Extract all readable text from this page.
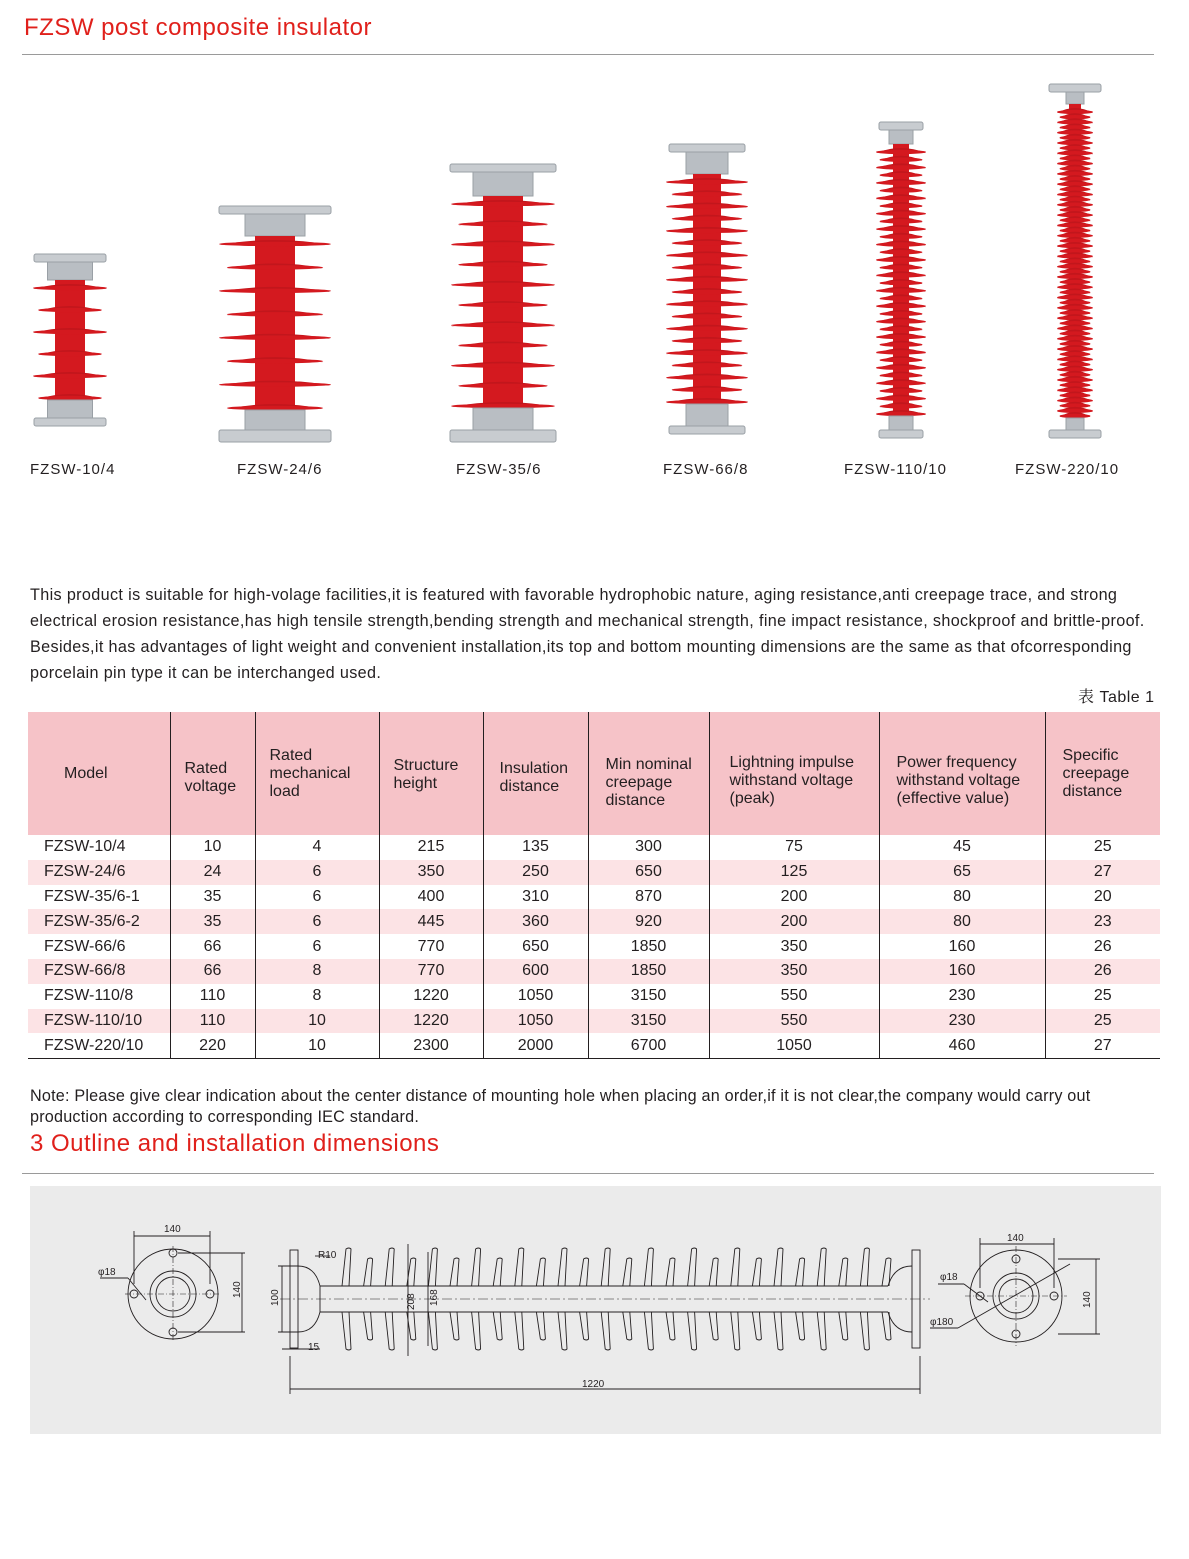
FZSW post composite insulator
FZSW-10/4	FZSW-24/6	FZSW-35/6	FZSW-66/8	FZSW-110/10	FZSW-220/10
This product is suitable for high-volage facilities,it is featured with favorable hydrophobic nature, aging resistance,anti creepage trace, and strong electrical erosion resistance,has high tensile strength,bending strength and mechanical strength, fine impact resistance, shockproof and brittle-proof. Besides,it has advantages of light weight and convenient installation,its top and bottom mounting dimensions are the same as that ofcorresponding porcelain pin type it can be interchanged used.
表 Table 1
Model	Rated voltage	Rated mechanical load	Structure height	Insulation distance	Min nominal creepage distance	Lightning impulse withstand voltage (peak)	Power frequency withstand voltage (effective value)	Specific creepage distance
FZSW-10/4	10	4	215	135	300	75	45	25
FZSW-24/6	24	6	350	250	650	125	65	27
FZSW-35/6-1	35	6	400	310	870	200	80	20
FZSW-35/6-2	35	6	445	360	920	200	80	23
FZSW-66/6	66	6	770	650	1850	350	160	26
FZSW-66/8	66	8	770	600	1850	350	160	26
FZSW-110/8	110	8	1220	1050	3150	550	230	25
FZSW-110/10	110	10	1220	1050	3150	550	230	25
FZSW-220/10	220	10	2300	2000	6700	1050	460	27
Note: Please give clear indication about the center distance of mounting hole when placing an order,if it is not clear,the company would carry out production according to corresponding IEC standard.
3 Outline and installation dimensions
140
140
φ18
R10
100	208 168
15
1220
140
140
φ18
φ180
